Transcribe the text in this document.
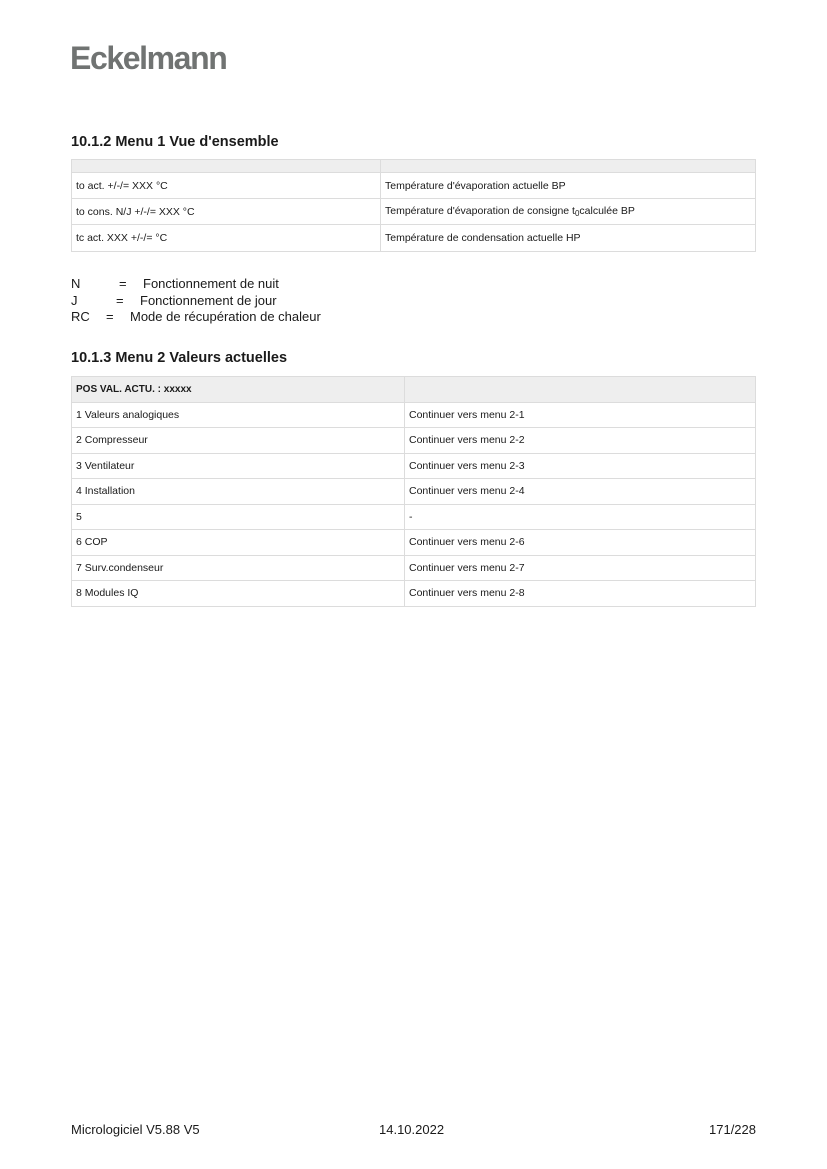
Eckelmann
10.1.2 Menu 1 Vue d'ensemble

to act. +/-/= XXX °C	Température d'évaporation actuelle BP
to cons. N/J +/-/= XXX °C	Température d'évaporation de consigne $t_0calculée$ BP
tc act. XXX +/-/= °C	Température de condensation actuelle HP
N	= Fonctionnement de nuit
J	= Fonctionnement de jour
RC = Mode de récupération de chaleur
10.1.3 Menu 2 Valeurs actuelles
POS VAL. ACTU. : xxxxx	
1 Valeurs analogiques	Continuer vers menu 2-1
2 Compresseur	Continuer vers menu 2-2
3 Ventilateur	Continuer vers menu 2-3
4 Installation	Continuer vers menu 2-4
5	-
6 COP	Continuer vers menu 2-6
7 Surv.condenseur	Continuer vers menu 2-7
8 Modules IQ	Continuer vers menu 2-8
Micrologiciel V5.88 V5	14.10.2022	171/228
